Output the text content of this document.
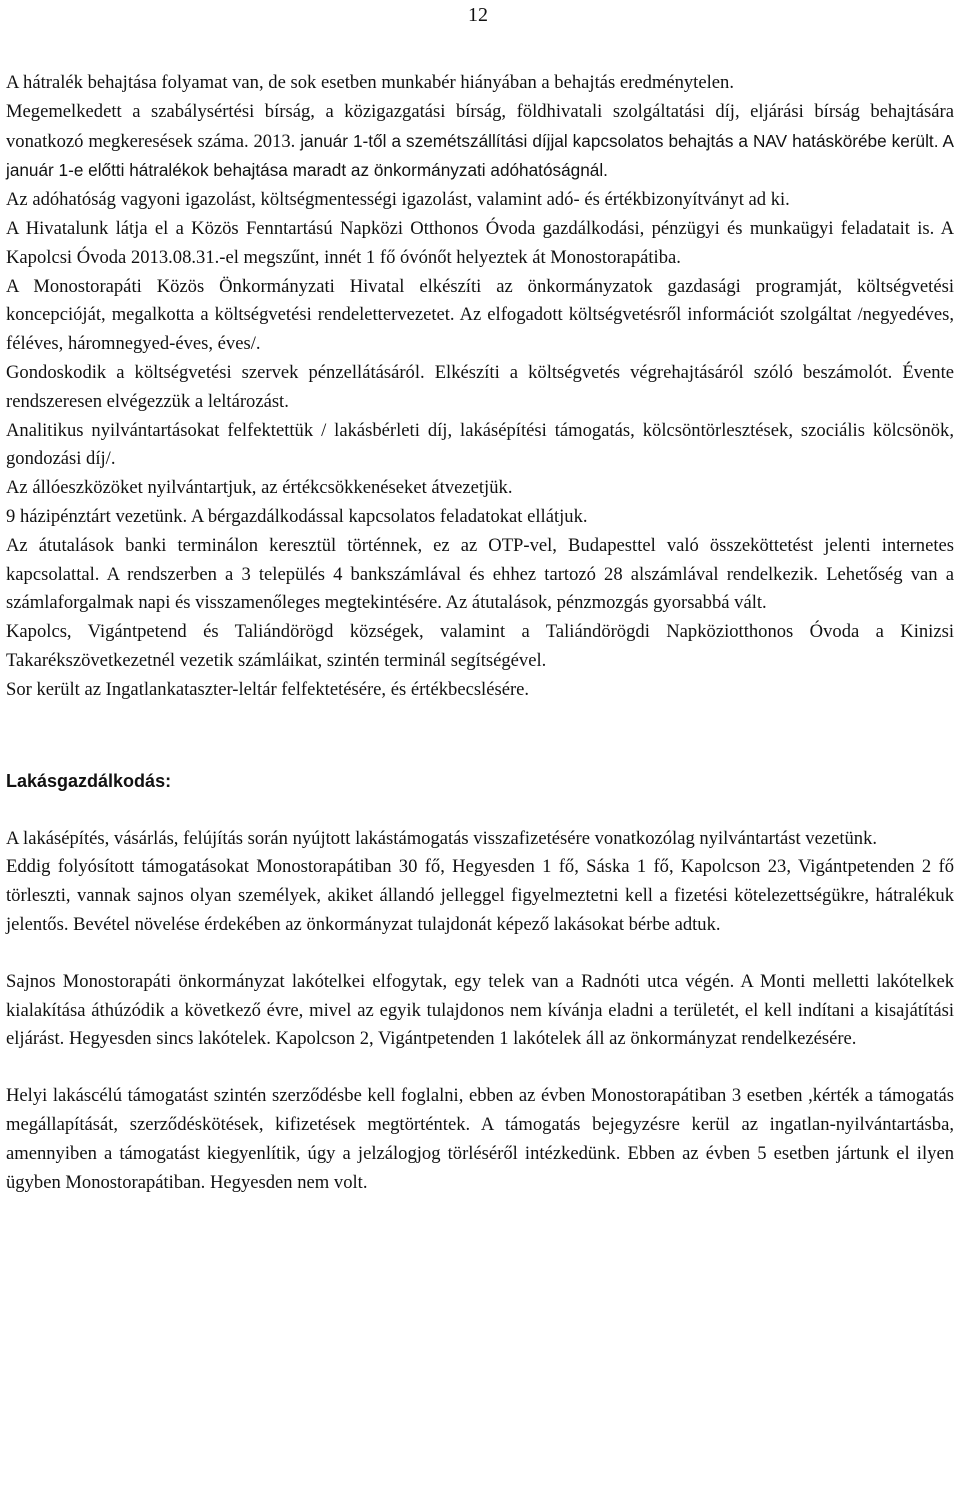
12

A hátralék behajtása folyamat van, de sok esetben munkabér hiányában a behajtás eredménytelen.

Megemelkedett a szabálysértési bírság, a közigazgatási bírság, földhivatali szolgáltatási díj, eljárási bírság behajtására vonatkozó megkeresések száma. 2013.

január 1-től a szemétszállítási díjjal kapcsolatos behajtás a NAV hatáskörébe került. A január 1-e előtti hátralékok behajtása maradt az önkormányzati adóhatóságnál.

Az adóhatóság vagyoni igazolást, költségmentességi igazolást, valamint adó- és értékbizonyítványt ad ki.

A Hivatalunk látja el a Közös Fenntartású Napközi Otthonos Óvoda gazdálkodási, pénzügyi és munkaügyi feladatait is. A Kapolcsi Óvoda 2013.08.31.-el megszűnt, innét 1 fő óvónőt helyeztek át Monostorapátiba.

A Monostorapáti Közös Önkormányzati Hivatal elkészíti az önkormányzatok gazdasági programját, költségvetési koncepcióját, megalkotta a költségvetési rendelettervezetet. Az elfogadott költségvetésről információt szolgáltat /negyedéves, féléves, háromnegyed-éves, éves/.

Gondoskodik a költségvetési szervek pénzellátásáról. Elkészíti a költségvetés végrehajtásáról szóló beszámolót. Évente rendszeresen elvégezzük a leltározást.

Analitikus nyilvántartásokat felfektettük / lakásbérleti díj, lakásépítési támogatás, kölcsöntörlesztések, szociális kölcsönök, gondozási díj/.

Az állóeszközöket nyilvántartjuk, az értékcsökkenéseket átvezetjük.

9 házipénztárt vezetünk. A bérgazdálkodással kapcsolatos feladatokat ellátjuk.

Az átutalások banki terminálon keresztül történnek, ez az OTP-vel, Budapesttel való összeköttetést jelenti internetes kapcsolattal. A rendszerben a 3 település 4 bankszámlával és ehhez tartozó 28 alszámlával rendelkezik. Lehetőség van a számlaforgalmak napi és visszamenőleges megtekintésére. Az átutalások, pénzmozgás gyorsabbá vált.

Kapolcs, Vigántpetend és Taliándörögd községek, valamint a Taliándörögdi Napköziotthonos Óvoda a Kinizsi Takarékszövetkezetnél vezetik számláikat, szintén terminál segítségével.

Sor került az Ingatlankataszter-leltár felfektetésére, és értékbecslésére.

Lakásgazdálkodás:

A lakásépítés, vásárlás, felújítás során nyújtott lakástámogatás visszafizetésére vonatkozólag nyilvántartást vezetünk.

Eddig folyósított támogatásokat Monostorapátiban 30 fő, Hegyesden 1 fő, Sáska 1 fő, Kapolcson 23, Vigántpetenden 2 fő törleszti, vannak sajnos olyan személyek, akiket állandó jelleggel figyelmeztetni kell a fizetési kötelezettségükre, hátralékuk jelentős. Bevétel növelése érdekében az önkormányzat tulajdonát képező lakásokat bérbe adtuk.

Sajnos Monostorapáti önkormányzat lakótelkei elfogytak, egy telek van a Radnóti utca végén. A Monti melletti lakótelkek kialakítása áthúzódik a következő évre, mivel az egyik tulajdonos nem kívánja eladni a területét, el kell indítani a kisajátítási eljárást. Hegyesden sincs lakótelek. Kapolcson 2, Vigántpetenden 1 lakótelek áll az önkormányzat rendelkezésére.

Helyi lakáscélú támogatást szintén szerződésbe kell foglalni, ebben az évben Monostorapátiban 3 esetben ,kérték a támogatás megállapítását, szerződéskötések, kifizetések megtörténtek. A támogatás bejegyzésre kerül az ingatlan-nyilvántartásba, amennyiben a támogatást kiegyenlítik, úgy a jelzálogjog törléséről intézkedünk. Ebben az évben 5 esetben jártunk el ilyen ügyben Monostorapátiban. Hegyesden nem volt.
